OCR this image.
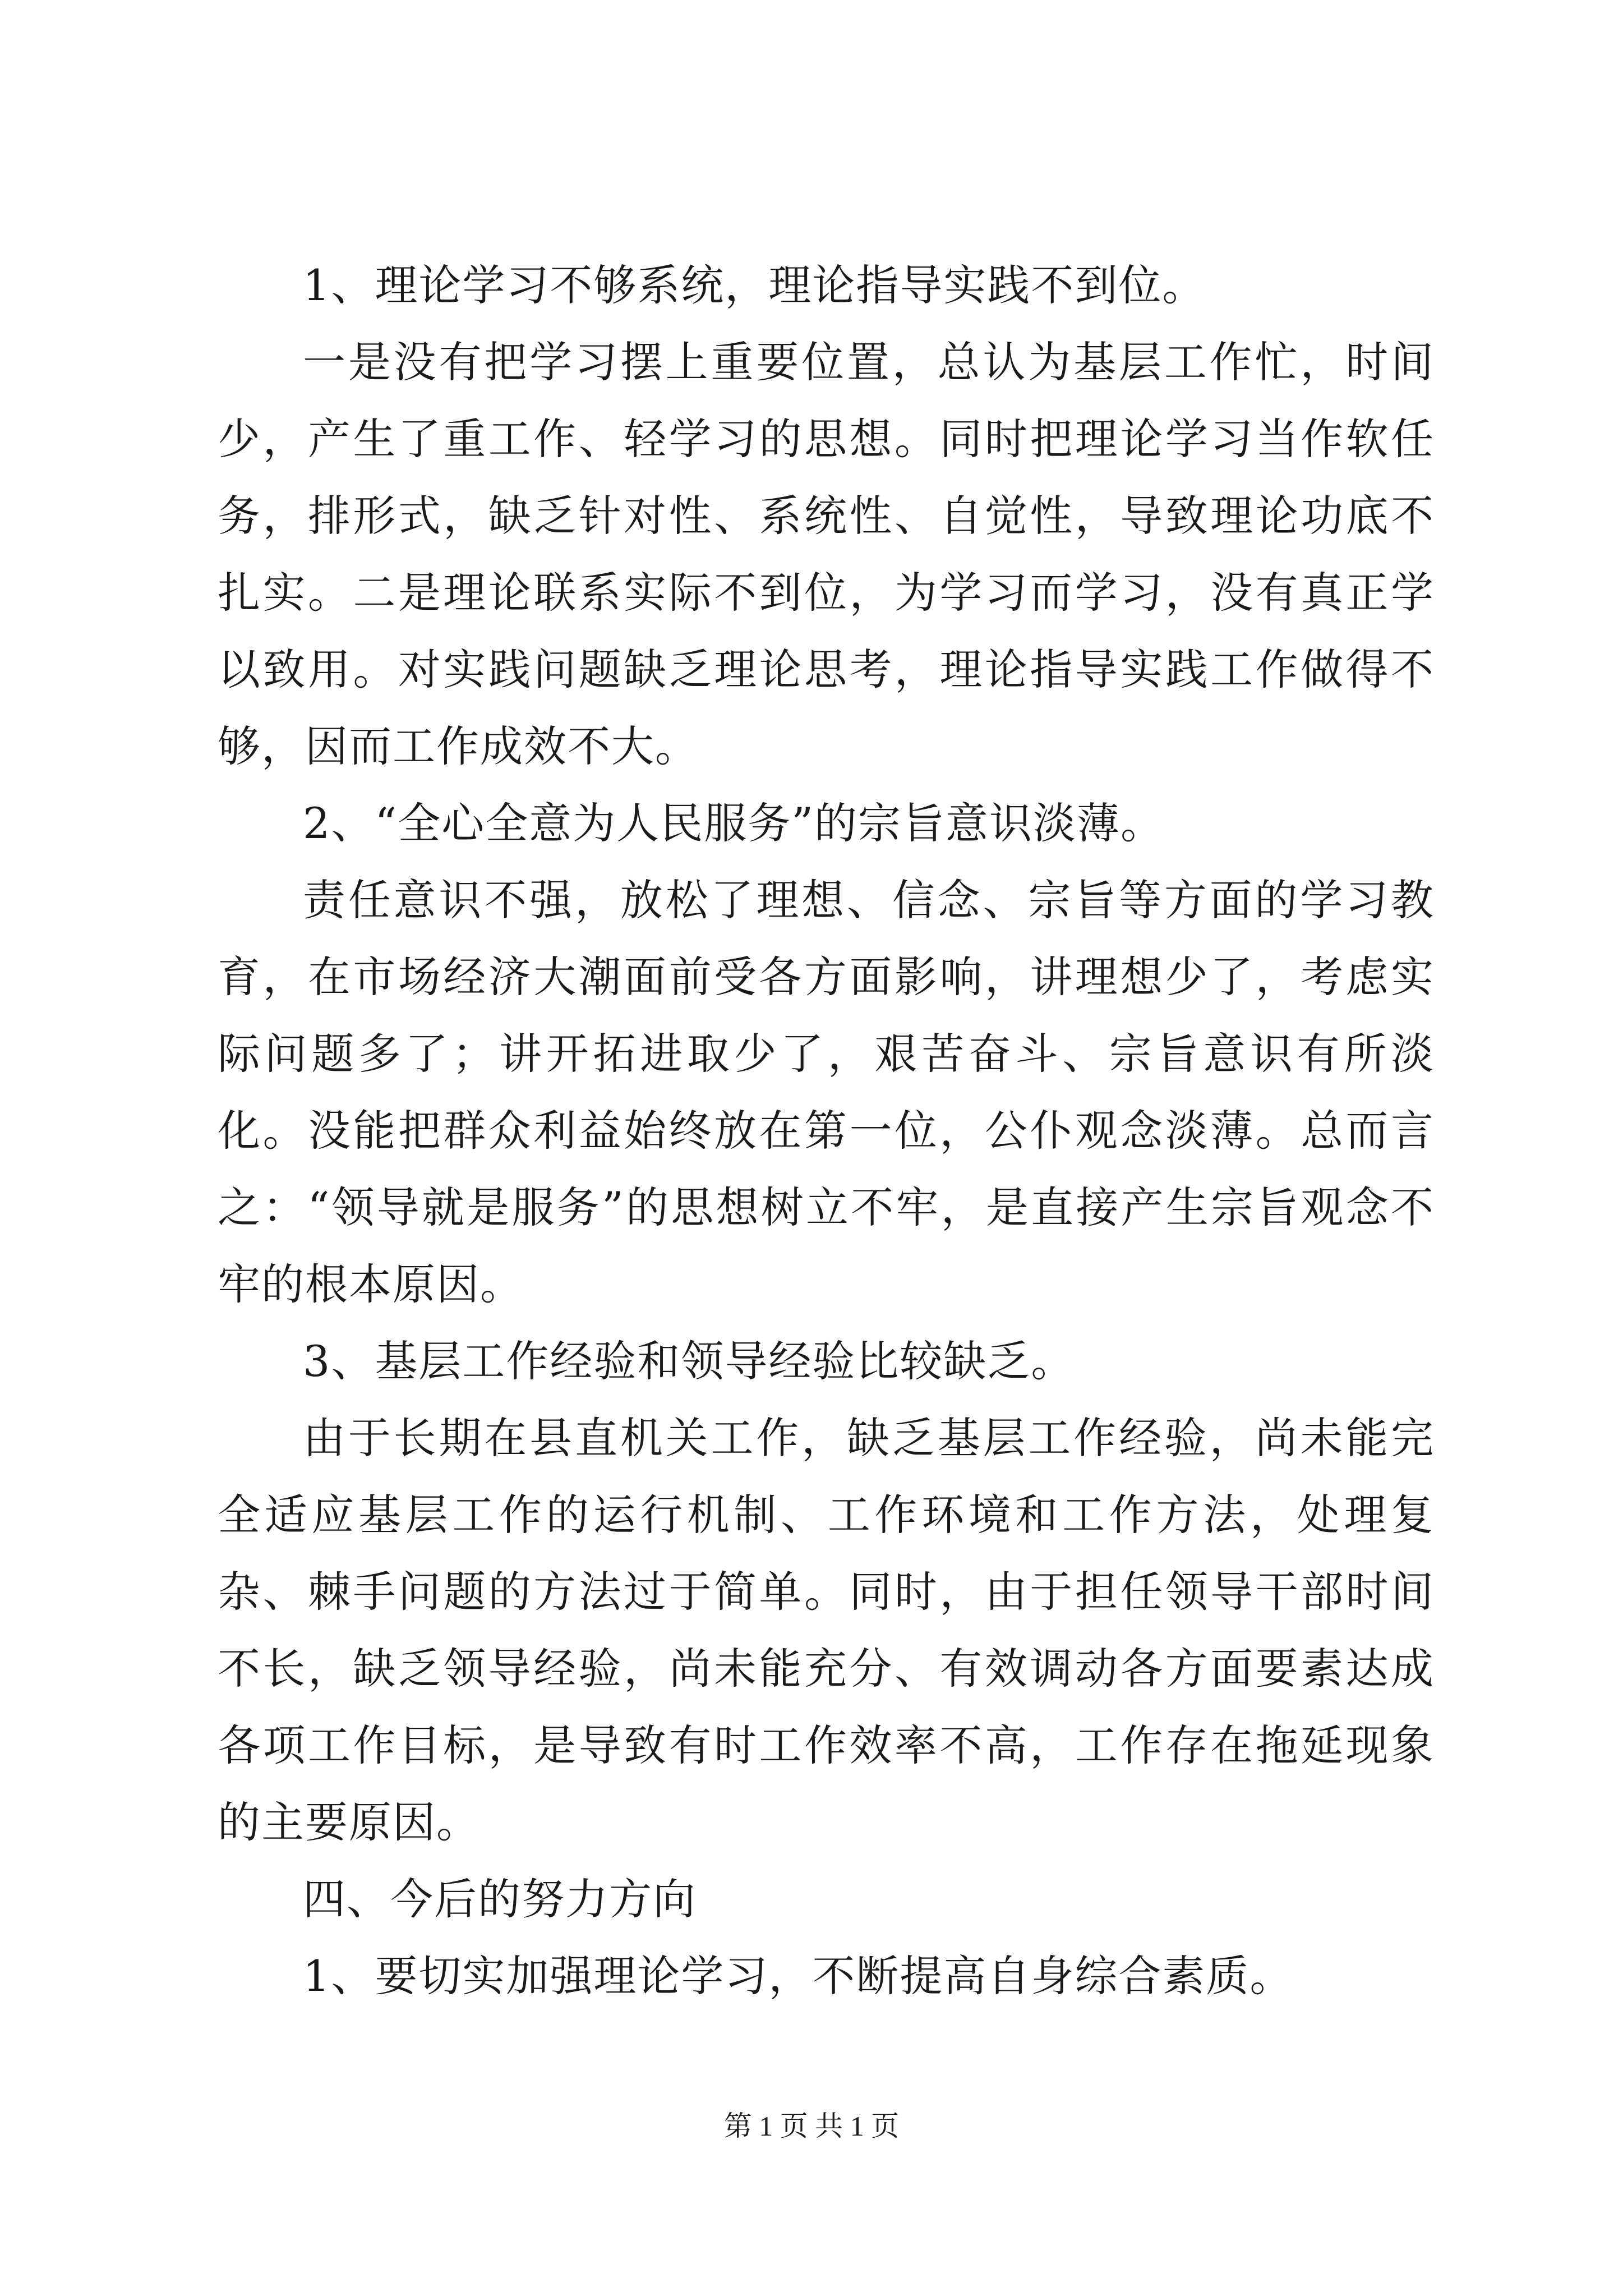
1、理论学习不够系统，理论指导实践不到位。

一是没有把学习摆上重要位置，总认为基层工作忙，时间少，产生了重工作、轻学习的思想。同时把理论学习当作软任务，排形式，缺乏针对性、系统性、自觉性，导致理论功底不扎实。二是理论联系实际不到位，为学习而学习，没有真正学以致用。对实践问题缺乏理论思考，理论指导实践工作做得不够，因而工作成效不大。

2、“全心全意为人民服务”的宗旨意识淡薄。

责任意识不强，放松了理想、信念、宗旨等方面的学习教育，在市场经济大潮面前受各方面影响，讲理想少了，考虑实际问题多了；讲开拓进取少了，艰苦奋斗、宗旨意识有所淡化。没能把群众利益始终放在第一位，公仆观念淡薄。总而言之：“领导就是服务”的思想树立不牢，是直接产生宗旨观念不牢的根本原因。

3、基层工作经验和领导经验比较缺乏。

由于长期在县直机关工作，缺乏基层工作经验，尚未能完全适应基层工作的运行机制、工作环境和工作方法，处理复杂、棘手问题的方法过于简单。同时，由于担任领导干部时间不长，缺乏领导经验，尚未能充分、有效调动各方面要素达成各项工作目标，是导致有时工作效率不高，工作存在拖延现象的主要原因。

四、今后的努力方向

1、要切实加强理论学习，不断提高自身综合素质。

第 1 页 共 1 页
